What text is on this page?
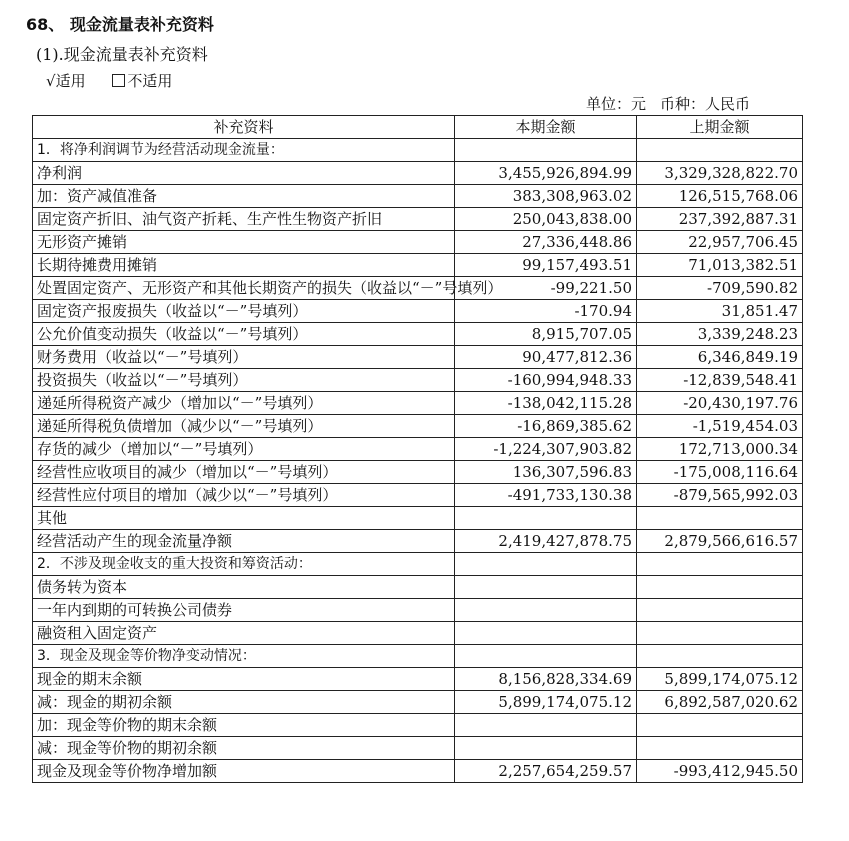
68、 现金流量表补充资料
(1).现金流量表补充资料
√适用	不适用
单位：元 币种：人民币
补充资料	本期金额	上期金额
1．将净利润调节为经营活动现金流量：		
净利润	3,455,926,894.99	3,329,328,822.70
加：资产减值准备	383,308,963.02	126,515,768.06
固定资产折旧、油气资产折耗、生产性生物资产折旧	250,043,838.00	237,392,887.31
无形资产摊销	27,336,448.86	22,957,706.45
长期待摊费用摊销	99,157,493.51	71,013,382.51
处置固定资产、无形资产和其他长期资产的损失（收益以“－”号填列）	-99,221.50	-709,590.82
固定资产报废损失（收益以“－”号填列）	-170.94	31,851.47
公允价值变动损失（收益以“－”号填列）	8,915,707.05	3,339,248.23
财务费用（收益以“－”号填列）	90,477,812.36	6,346,849.19
投资损失（收益以“－”号填列）	-160,994,948.33	-12,839,548.41
递延所得税资产减少（增加以“－”号填列）	-138,042,115.28	-20,430,197.76
递延所得税负债增加（减少以“－”号填列）	-16,869,385.62	-1,519,454.03
存货的减少（增加以“－”号填列）	-1,224,307,903.82	172,713,000.34
经营性应收项目的减少（增加以“－”号填列）	136,307,596.83	-175,008,116.64
经营性应付项目的增加（减少以“－”号填列）	-491,733,130.38	-879,565,992.03
其他		
经营活动产生的现金流量净额	2,419,427,878.75	2,879,566,616.57
2．不涉及现金收支的重大投资和筹资活动：		
债务转为资本		
一年内到期的可转换公司债券		
融资租入固定资产		
3．现金及现金等价物净变动情况：		
现金的期末余额	8,156,828,334.69	5,899,174,075.12
减：现金的期初余额	5,899,174,075.12	6,892,587,020.62
加：现金等价物的期末余额		
减：现金等价物的期初余额		
现金及现金等价物净增加额	2,257,654,259.57	-993,412,945.50
